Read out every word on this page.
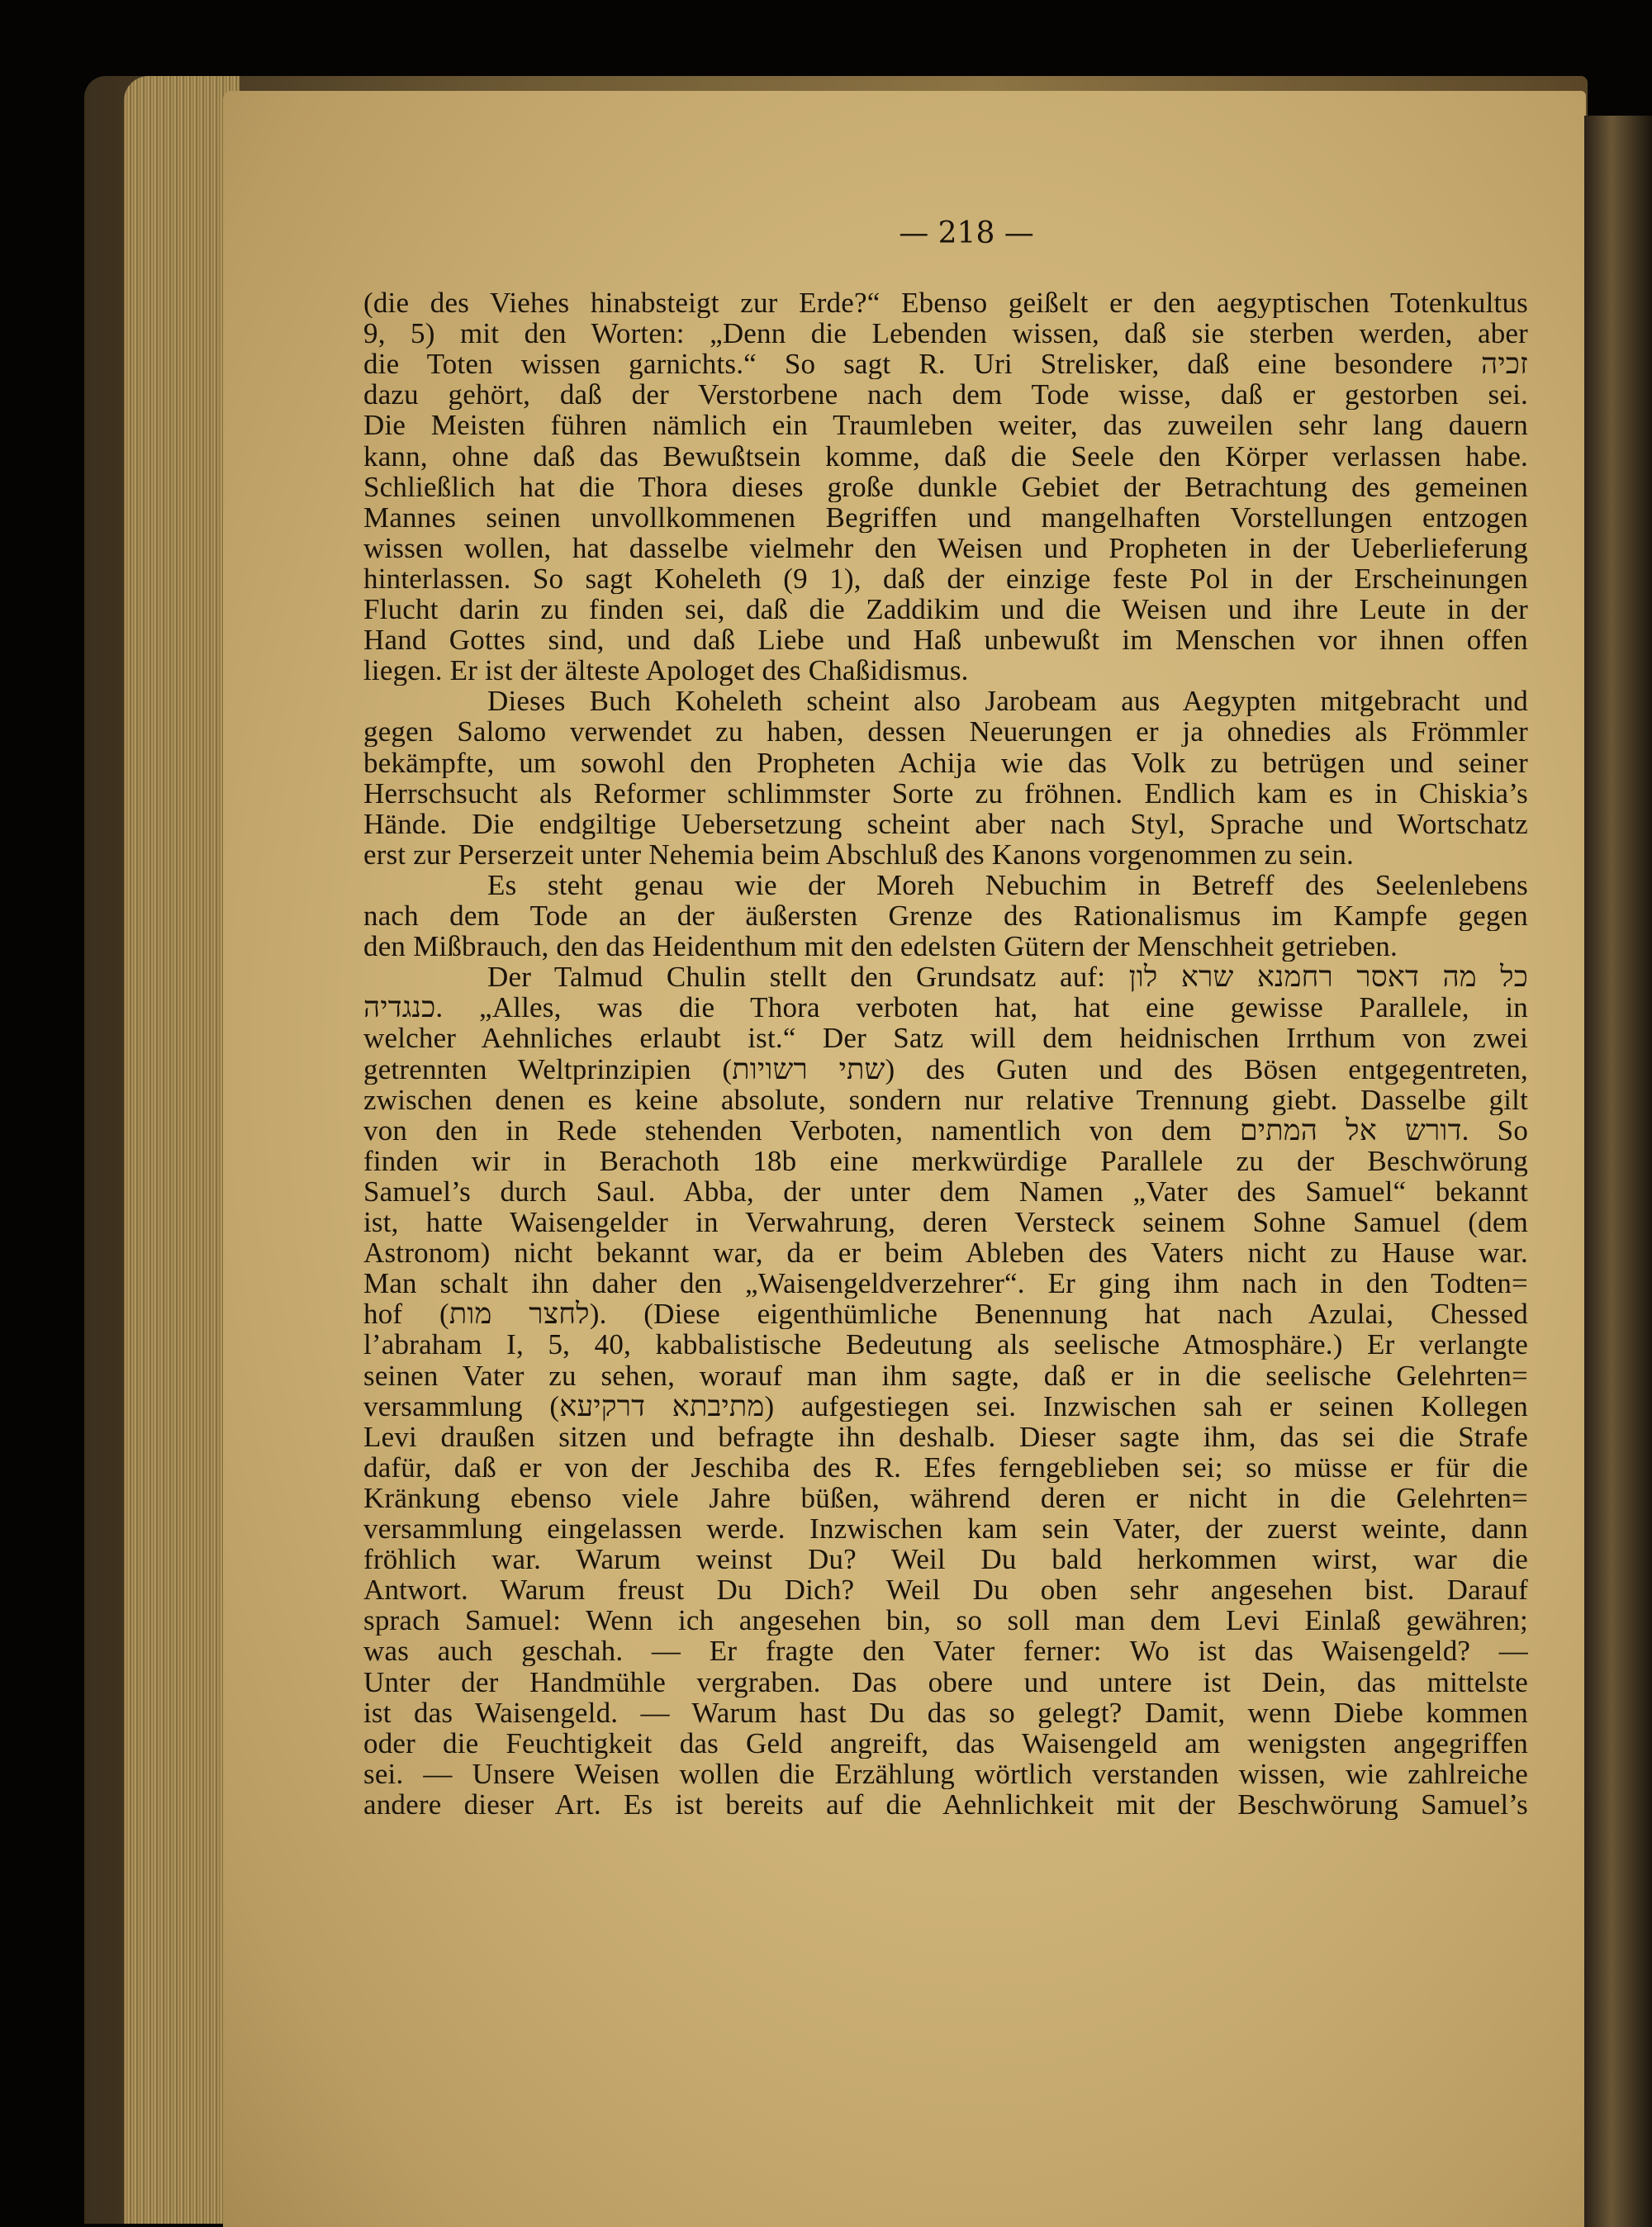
— 218 —
(die des Viehes hinabsteigt zur Erde?“ Ebenso geißelt er den aegyptischen Totenkultus
9, 5) mit den Worten: „Denn die Lebenden wissen, daß sie sterben werden, aber
die Toten wissen garnichts.“ So sagt R. Uri Strelisker, daß eine besondere זכיה
dazu gehört, daß der Verstorbene nach dem Tode wisse, daß er gestorben sei.
Die Meisten führen nämlich ein Traumleben weiter, das zuweilen sehr lang dauern
kann, ohne daß das Bewußtsein komme, daß die Seele den Körper verlassen habe.
Schließlich hat die Thora dieses große dunkle Gebiet der Betrachtung des gemeinen
Mannes seinen unvollkommenen Begriffen und mangelhaften Vorstellungen entzogen
wissen wollen, hat dasselbe vielmehr den Weisen und Propheten in der Ueberlieferung
hinterlassen. So sagt Koheleth (9 1), daß der einzige feste Pol in der Erscheinungen
Flucht darin zu finden sei, daß die Zaddikim und die Weisen und ihre Leute in der
Hand Gottes sind, und daß Liebe und Haß unbewußt im Menschen vor ihnen offen
liegen. Er ist der älteste Apologet des Chaßidismus.
Dieses Buch Koheleth scheint also Jarobeam aus Aegypten mitgebracht und
gegen Salomo verwendet zu haben, dessen Neuerungen er ja ohnedies als Frömmler
bekämpfte, um sowohl den Propheten Achija wie das Volk zu betrügen und seiner
Herrschsucht als Reformer schlimmster Sorte zu fröhnen. Endlich kam es in Chiskia’s
Hände. Die endgiltige Uebersetzung scheint aber nach Styl, Sprache und Wortschatz
erst zur Perserzeit unter Nehemia beim Abschluß des Kanons vorgenommen zu sein.
Es steht genau wie der Moreh Nebuchim in Betreff des Seelenlebens
nach dem Tode an der äußersten Grenze des Rationalismus im Kampfe gegen
den Mißbrauch, den das Heidenthum mit den edelsten Gütern der Menschheit getrieben.
Der Talmud Chulin stellt den Grundsatz auf: כל מה דאסר רחמנא שרא לון
כנגדיה. „Alles, was die Thora verboten hat, hat eine gewisse Parallele, in
welcher Aehnliches erlaubt ist.“ Der Satz will dem heidnischen Irrthum von zwei
getrennten Weltprinzipien (שתי רשויות) des Guten und des Bösen entgegentreten,
zwischen denen es keine absolute, sondern nur relative Trennung giebt. Dasselbe gilt
von den in Rede stehenden Verboten, namentlich von dem דורש אל המתים. So
finden wir in Berachoth 18b eine merkwürdige Parallele zu der Beschwörung
Samuel’s durch Saul. Abba, der unter dem Namen „Vater des Samuel“ bekannt
ist, hatte Waisengelder in Verwahrung, deren Versteck seinem Sohne Samuel (dem
Astronom) nicht bekannt war, da er beim Ableben des Vaters nicht zu Hause war.
Man schalt ihn daher den „Waisengeldverzehrer“. Er ging ihm nach in den Todten=
hof (לחצר מות). (Diese eigenthümliche Benennung hat nach Azulai, Chessed
l’abraham I, 5, 40, kabbalistische Bedeutung als seelische Atmosphäre.) Er verlangte
seinen Vater zu sehen, worauf man ihm sagte, daß er in die seelische Gelehrten=
versammlung (מתיבתא דרקיעא) aufgestiegen sei. Inzwischen sah er seinen Kollegen
Levi draußen sitzen und befragte ihn deshalb. Dieser sagte ihm, das sei die Strafe
dafür, daß er von der Jeschiba des R. Efes ferngeblieben sei; so müsse er für die
Kränkung ebenso viele Jahre büßen, während deren er nicht in die Gelehrten=
versammlung eingelassen werde. Inzwischen kam sein Vater, der zuerst weinte, dann
fröhlich war. Warum weinst Du? Weil Du bald herkommen wirst, war die
Antwort. Warum freust Du Dich? Weil Du oben sehr angesehen bist. Darauf
sprach Samuel: Wenn ich angesehen bin, so soll man dem Levi Einlaß gewähren;
was auch geschah. — Er fragte den Vater ferner: Wo ist das Waisengeld? —
Unter der Handmühle vergraben. Das obere und untere ist Dein, das mittelste
ist das Waisengeld. — Warum hast Du das so gelegt? Damit, wenn Diebe kommen
oder die Feuchtigkeit das Geld angreift, das Waisengeld am wenigsten angegriffen
sei. — Unsere Weisen wollen die Erzählung wörtlich verstanden wissen, wie zahlreiche
andere dieser Art. Es ist bereits auf die Aehnlichkeit mit der Beschwörung Samuel’s
